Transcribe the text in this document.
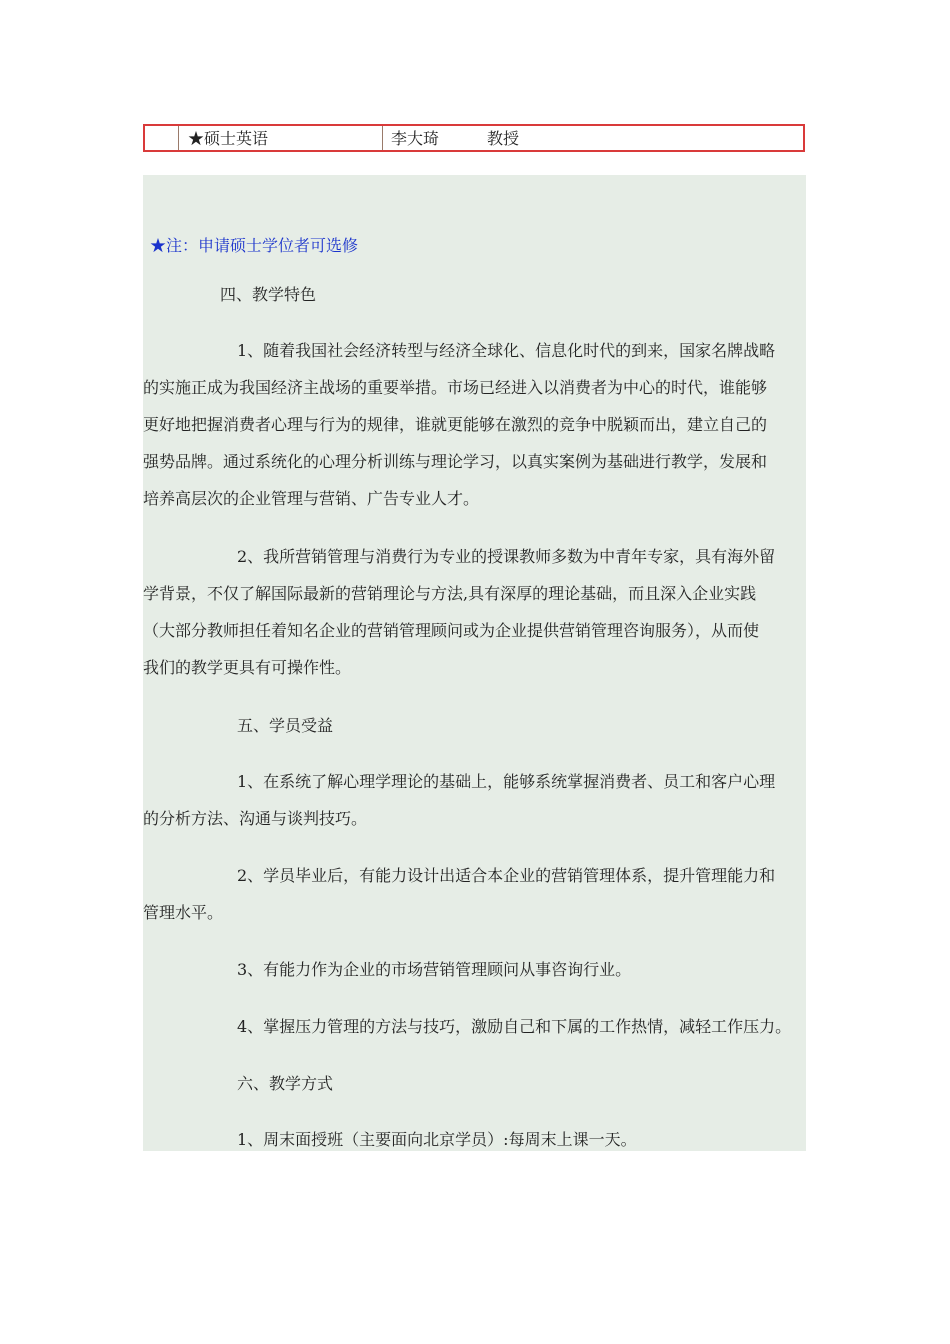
★硕士英语	李大琦	教授
★注：申请硕士学位者可选修
四、教学特色
1、随着我国社会经济转型与经济全球化、信息化时代的到来，国家名牌战略
的实施正成为我国经济主战场的重要举措。市场已经进入以消费者为中心的时代，谁能够
更好地把握消费者心理与行为的规律，谁就更能够在激烈的竞争中脱颖而出，建立自己的
强势品牌。通过系统化的心理分析训练与理论学习，以真实案例为基础进行教学，发展和
培养高层次的企业管理与营销、广告专业人才。
2、我所营销管理与消费行为专业的授课教师多数为中青年专家，具有海外留
学背景，不仅了解国际最新的营销理论与方法,具有深厚的理论基础，而且深入企业实践
（大部分教师担任着知名企业的营销管理顾问或为企业提供营销管理咨询服务），从而使
我们的教学更具有可操作性。
五、学员受益
1、在系统了解心理学理论的基础上，能够系统掌握消费者、员工和客户心理
的分析方法、沟通与谈判技巧。
2、学员毕业后，有能力设计出适合本企业的营销管理体系，提升管理能力和
管理水平。
3、有能力作为企业的市场营销管理顾问从事咨询行业。
4、掌握压力管理的方法与技巧，激励自己和下属的工作热情，减轻工作压力。
六、教学方式
1、周末面授班（主要面向北京学员）:每周末上课一天。
